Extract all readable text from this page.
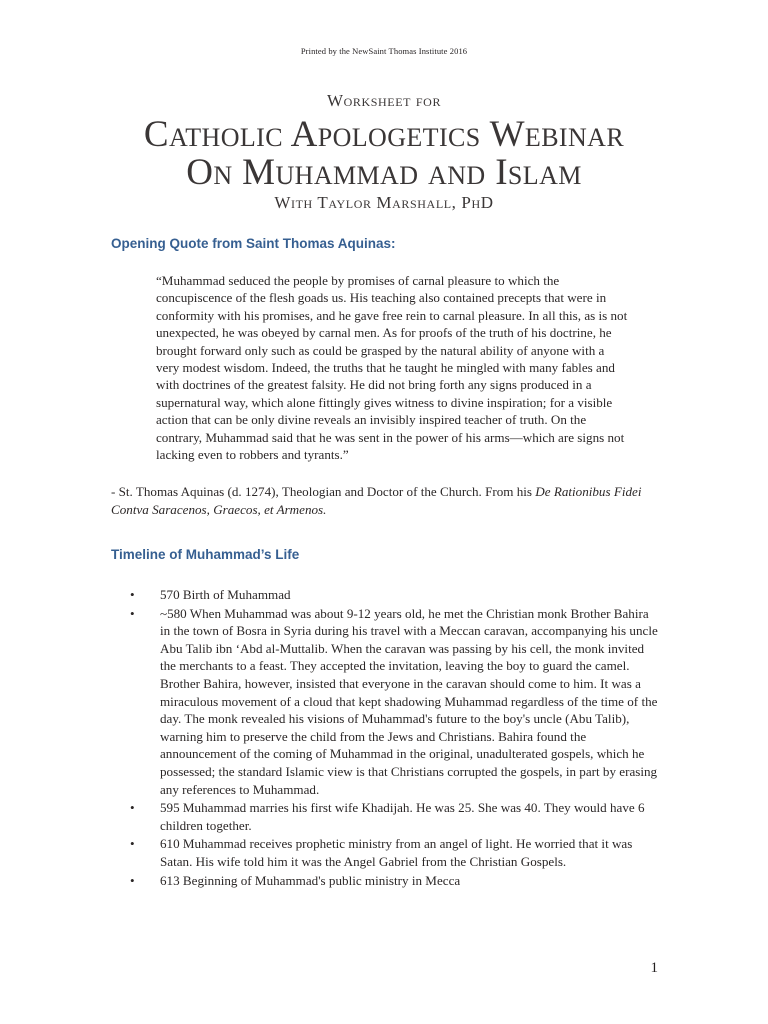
Printed by the NewSaint Thomas Institute 2016
Worksheet for
Catholic Apologetics Webinar
On Muhammad and Islam
With Taylor Marshall, PhD
Opening Quote from Saint Thomas Aquinas:
“Muhammad seduced the people by promises of carnal pleasure to which the concupiscence of the flesh goads us. His teaching also contained precepts that were in conformity with his promises, and he gave free rein to carnal pleasure. In all this, as is not unexpected, he was obeyed by carnal men. As for proofs of the truth of his doctrine, he brought forward only such as could be grasped by the natural ability of anyone with a very modest wisdom. Indeed, the truths that he taught he mingled with many fables and with doctrines of the greatest falsity. He did not bring forth any signs produced in a supernatural way, which alone fittingly gives witness to divine inspiration; for a visible action that can be only divine reveals an invisibly inspired teacher of truth. On the contrary, Muhammad said that he was sent in the power of his arms—which are signs not lacking even to robbers and tyrants.”
- St. Thomas Aquinas (d. 1274), Theologian and Doctor of the Church. From his De Rationibus Fidei Contva Saracenos, Graecos, et Armenos.
Timeline of Muhammad’s Life
• 570 Birth of Muhammad
• ~580 When Muhammad was about 9-12 years old, he met the Christian monk Brother Bahira in the town of Bosra in Syria during his travel with a Meccan caravan, accompanying his uncle Abu Talib ibn ‘Abd al-Muttalib. When the caravan was passing by his cell, the monk invited the merchants to a feast. They accepted the invitation, leaving the boy to guard the camel. Brother Bahira, however, insisted that everyone in the caravan should come to him. It was a miraculous movement of a cloud that kept shadowing Muhammad regardless of the time of the day. The monk revealed his visions of Muhammad's future to the boy's uncle (Abu Talib), warning him to preserve the child from the Jews and Christians. Bahira found the announcement of the coming of Muhammad in the original, unadulterated gospels, which he possessed; the standard Islamic view is that Christians corrupted the gospels, in part by erasing any references to Muhammad.
• 595 Muhammad marries his first wife Khadijah. He was 25. She was 40. They would have 6 children together.
• 610 Muhammad receives prophetic ministry from an angel of light. He worried that it was Satan. His wife told him it was the Angel Gabriel from the Christian Gospels.
• 613 Beginning of Muhammad's public ministry in Mecca
1
